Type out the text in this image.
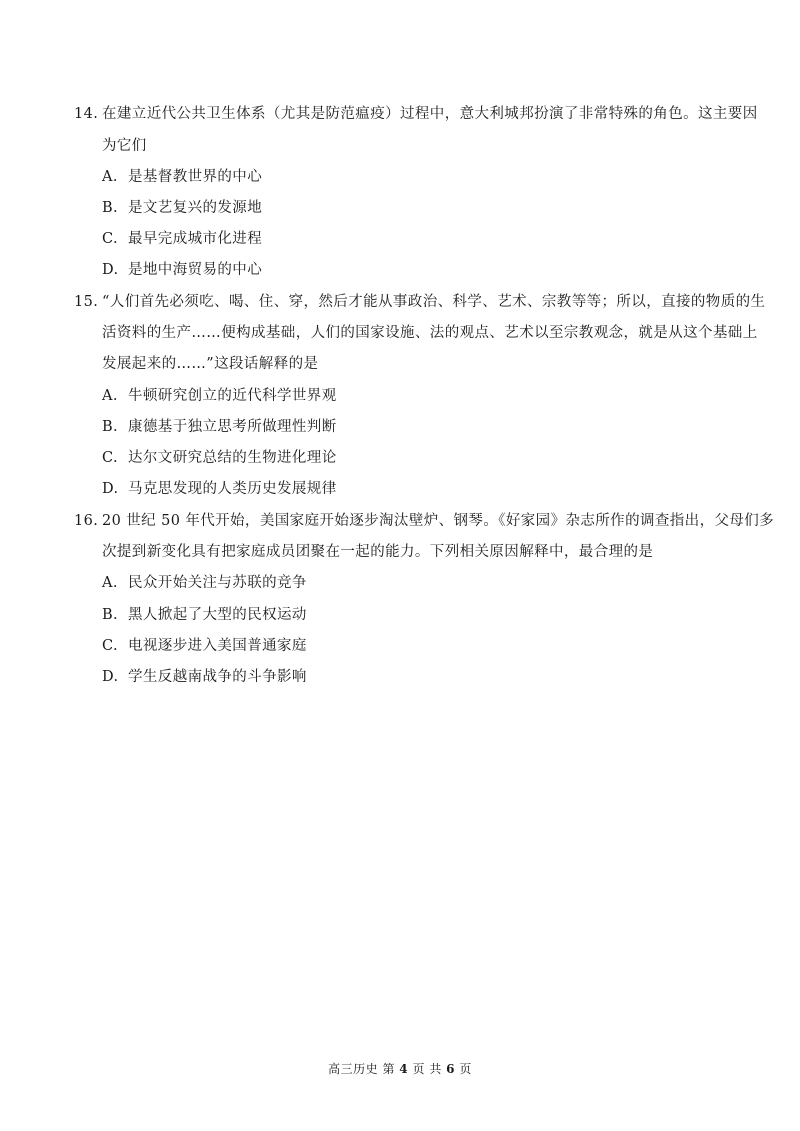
14. 在建立近代公共卫生体系（尤其是防范瘟疫）过程中，意大利城邦扮演了非常特殊的角色。这主要因
为它们
A. 是基督教世界的中心
B. 是文艺复兴的发源地
C. 最早完成城市化进程
D. 是地中海贸易的中心
15. “人们首先必须吃、喝、住、穿，然后才能从事政治、科学、艺术、宗教等等；所以，直接的物质的生
活资料的生产……便构成基础，人们的国家设施、法的观点、艺术以至宗教观念，就是从这个基础上
发展起来的……”这段话解释的是
A. 牛顿研究创立的近代科学世界观
B. 康德基于独立思考所做理性判断
C. 达尔文研究总结的生物进化理论
D. 马克思发现的人类历史发展规律
16. 20 世纪 50 年代开始，美国家庭开始逐步淘汰壁炉、钢琴。《好家园》杂志所作的调查指出，父母们多
次提到新变化具有把家庭成员团聚在一起的能力。下列相关原因解释中，最合理的是
A. 民众开始关注与苏联的竞争
B. 黑人掀起了大型的民权运动
C. 电视逐步进入美国普通家庭
D. 学生反越南战争的斗争影响
高三历史 第 4 页 共 6 页
